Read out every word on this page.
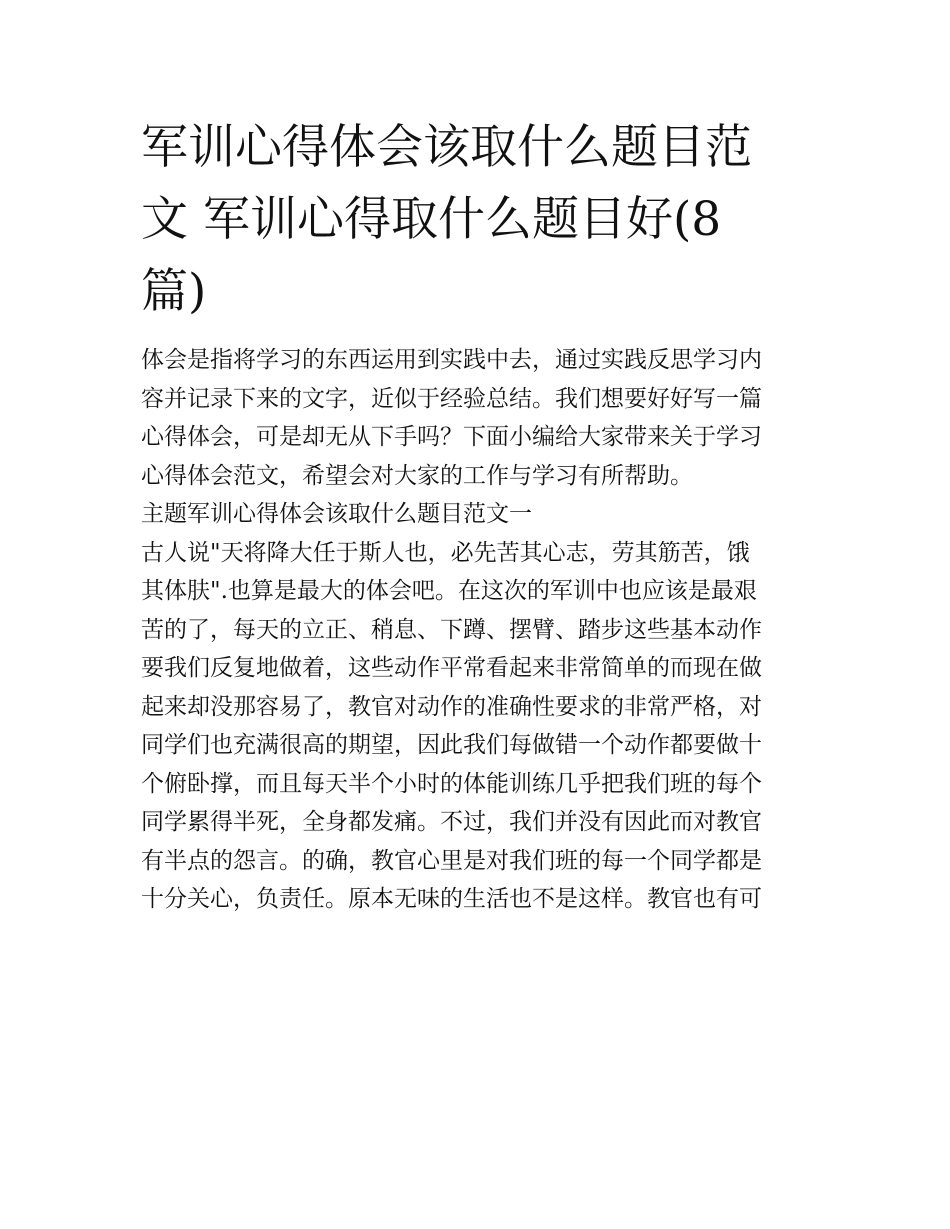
军训心得体会该取什么题目范
文 军训心得取什么题目好(8
篇)
体会是指将学习的东西运用到实践中去，通过实践反思学习内
容并记录下来的文字，近似于经验总结。我们想要好好写一篇
心得体会，可是却无从下手吗？下面小编给大家带来关于学习
心得体会范文，希望会对大家的工作与学习有所帮助。
主题军训心得体会该取什么题目范文一
古人说"天将降大任于斯人也，必先苦其心志，劳其筋苦，饿
其体肤".也算是最大的体会吧。在这次的军训中也应该是最艰
苦的了，每天的立正、稍息、下蹲、摆臂、踏步这些基本动作
要我们反复地做着，这些动作平常看起来非常简单的而现在做
起来却没那容易了，教官对动作的准确性要求的非常严格，对
同学们也充满很高的期望，因此我们每做错一个动作都要做十
个俯卧撑，而且每天半个小时的体能训练几乎把我们班的每个
同学累得半死，全身都发痛。不过，我们并没有因此而对教官
有半点的怨言。的确，教官心里是对我们班的每一个同学都是
十分关心，负责任。原本无味的生活也不是这样。教官也有可
